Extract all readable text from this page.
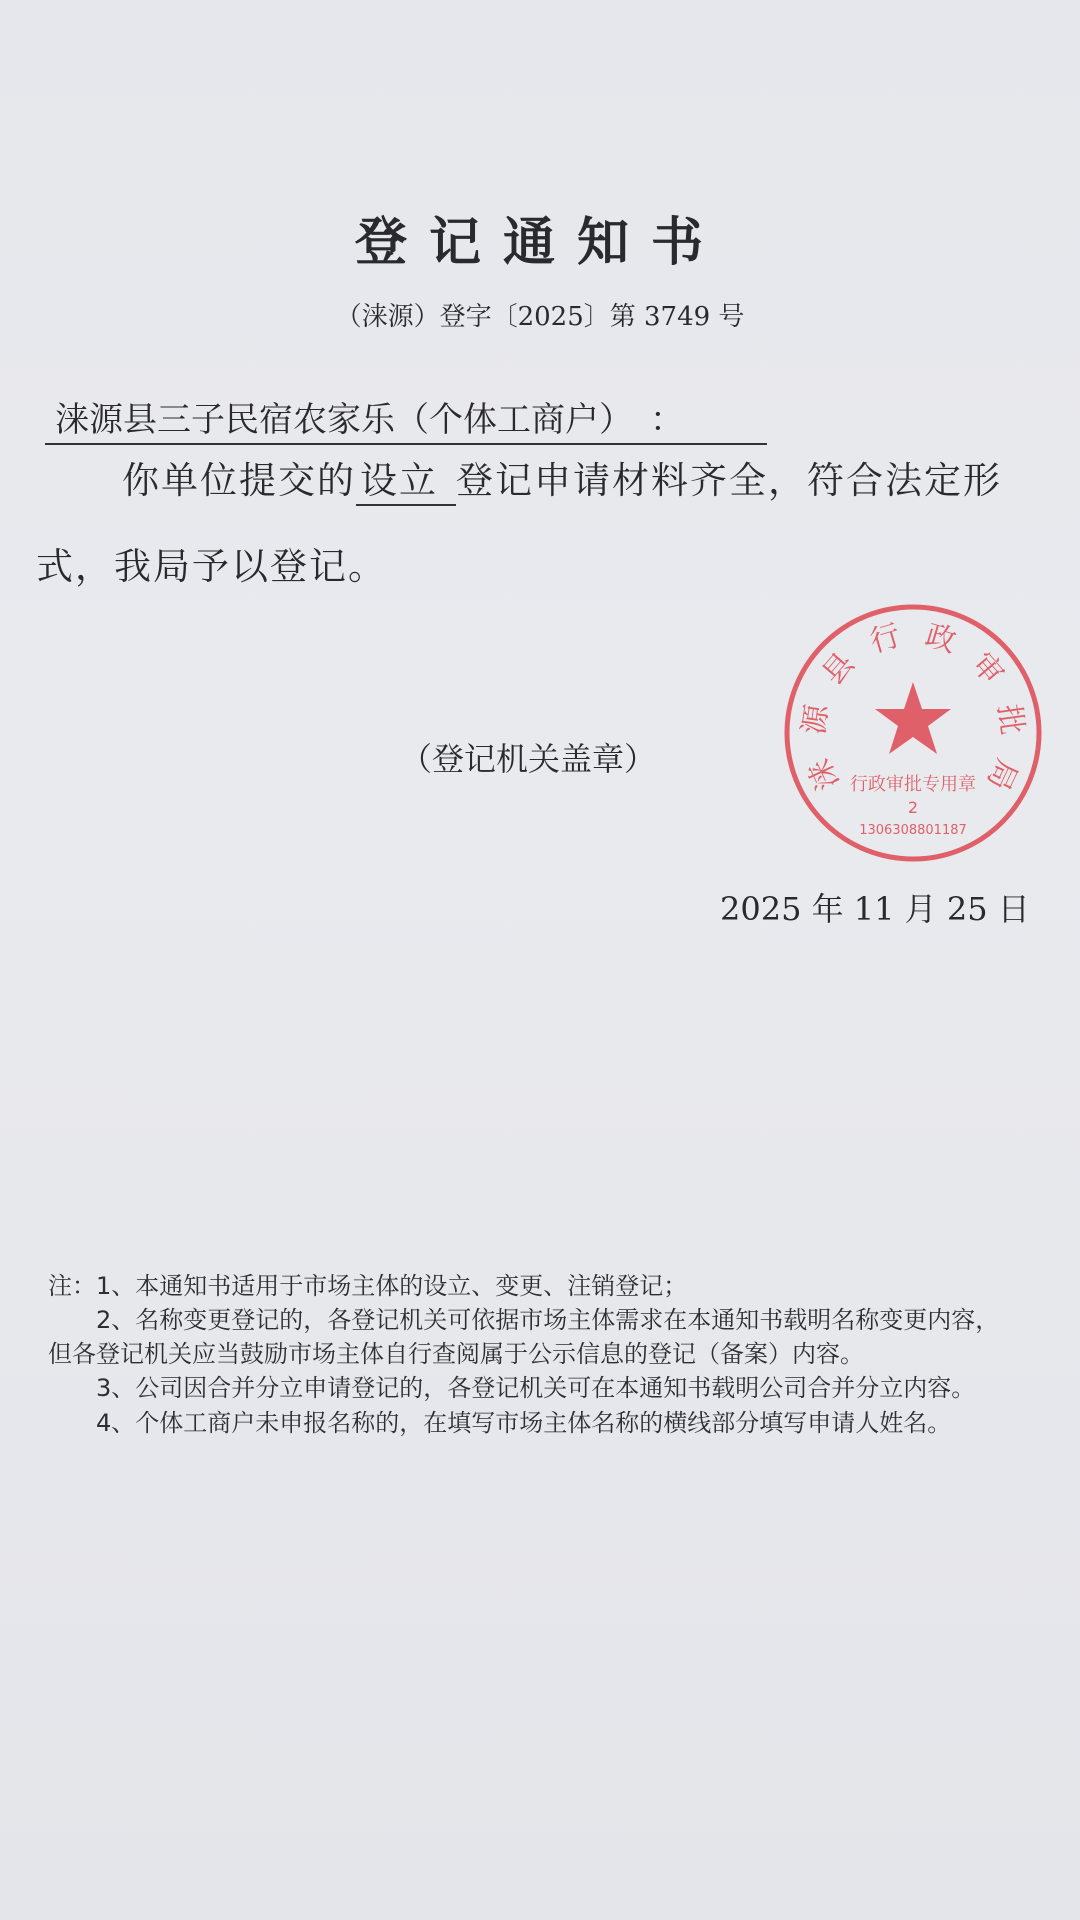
登记通知书
（涞源）登字〔2025〕第 3749 号
涞源县三子民宿农家乐（个体工商户）　：
你单位提交的 设立 登记申请材料齐全，符合法定形
式，我局予以登记。
（登记机关盖章）
2025 年 11 月 25 日
涞
源
县
行 政
审
批
局
行政审批专用章
2
1306308801187
注：1、本通知书适用于市场主体的设立、变更、注销登记；
2、名称变更登记的，各登记机关可依据市场主体需求在本通知书载明名称变更内容，
但各登记机关应当鼓励市场主体自行查阅属于公示信息的登记（备案）内容。
3、公司因合并分立申请登记的，各登记机关可在本通知书载明公司合并分立内容。
4、个体工商户未申报名称的，在填写市场主体名称的横线部分填写申请人姓名。
